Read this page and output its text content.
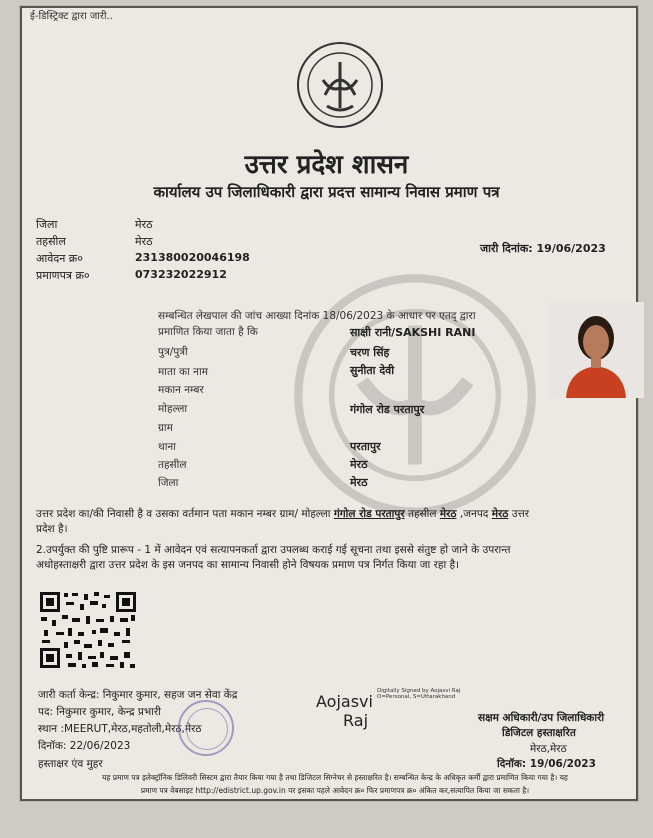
ई-डिस्ट्रिक्ट द्वारा जारी..
उत्तर प्रदेश शासन
कार्यालय उप जिलाधिकारी द्वारा प्रदत्त सामान्य निवास प्रमाण पत्र
जिला	मेरठ
तहसील	मेरठ
आवेदन क्र०	231380020046198
प्रमाणपत्र क्र०	073232022912
जारी दिनांक: 19/06/2023
सम्बन्धित लेखपाल की जांच आख्या दिनांक 18/06/2023 के आधार पर एतद् द्वारा
प्रमाणित किया जाता है कि	साक्षी रानी/SAKSHI RANI
पुत्र/पुत्री	चरण सिंह
माता का नाम	सुनीता देवी
मकान नम्बर
मोहल्ला	गंगोल रोड परतापुर
ग्राम
थाना	परतापुर
तहसील	मेरठ
जिला	मेरठ
उत्तर प्रदेश का/की निवासी है व उसका वर्तमान पता मकान नम्बर ग्राम/ मोहल्ला गंगोल रोड परतापुर तहसील मेरठ ,जनपद मेरठ उत्तर
प्रदेश है।
2.उपर्युक्त की पुष्टि प्रारूप - 1 में आवेदन एवं सत्यापनकर्ता द्वारा उपलब्ध कराई गई सूचना तथा इससे संतुष्ट हो जाने के उपरान्त
अधोहस्ताक्षरी द्वारा उत्तर प्रदेश के इस जनपद का सामान्य निवासी होने विषयक प्रमाण पत्र निर्गत किया जा रहा है।
जारी कर्ता केन्द्र: निकुमार कुमार, सहज जन सेवा केंद्र
पद: निकुमार कुमार, केन्द्र प्रभारी
स्थान :MEERUT,मेरठ,महतोली,मेरठ,मेरठ
दिनॉक: 22/06/2023
हस्ताक्षर एंव मुहर
Aojasvi
Raj
Digitally Signed by Aojasvi Raj O=Personal, S=Uttarakhand
सक्षम अधिकारी/उप जिलाधिकारी
डिजिटल हस्ताक्षरित
मेरठ,मेरठ
दिनॉक: 19/06/2023
यह प्रमाण पत्र इलेक्ट्रॉनिक डिलिवरी सिस्टम द्वारा तैयार किया गया है तथा डिजिटल सिग्नेचर से हस्ताक्षरित है। सम्बन्धित केन्द्र के अधिकृत कर्मी द्वारा प्रमाणित किया गया है। यह
प्रमाण पत्र वेबसाइट http://edistrict.up.gov.in पर इसका पहले आवेदन क्र० फिर प्रमाणपत्र क्र० अंकित कर,सत्यापित किया जा सकता है।
